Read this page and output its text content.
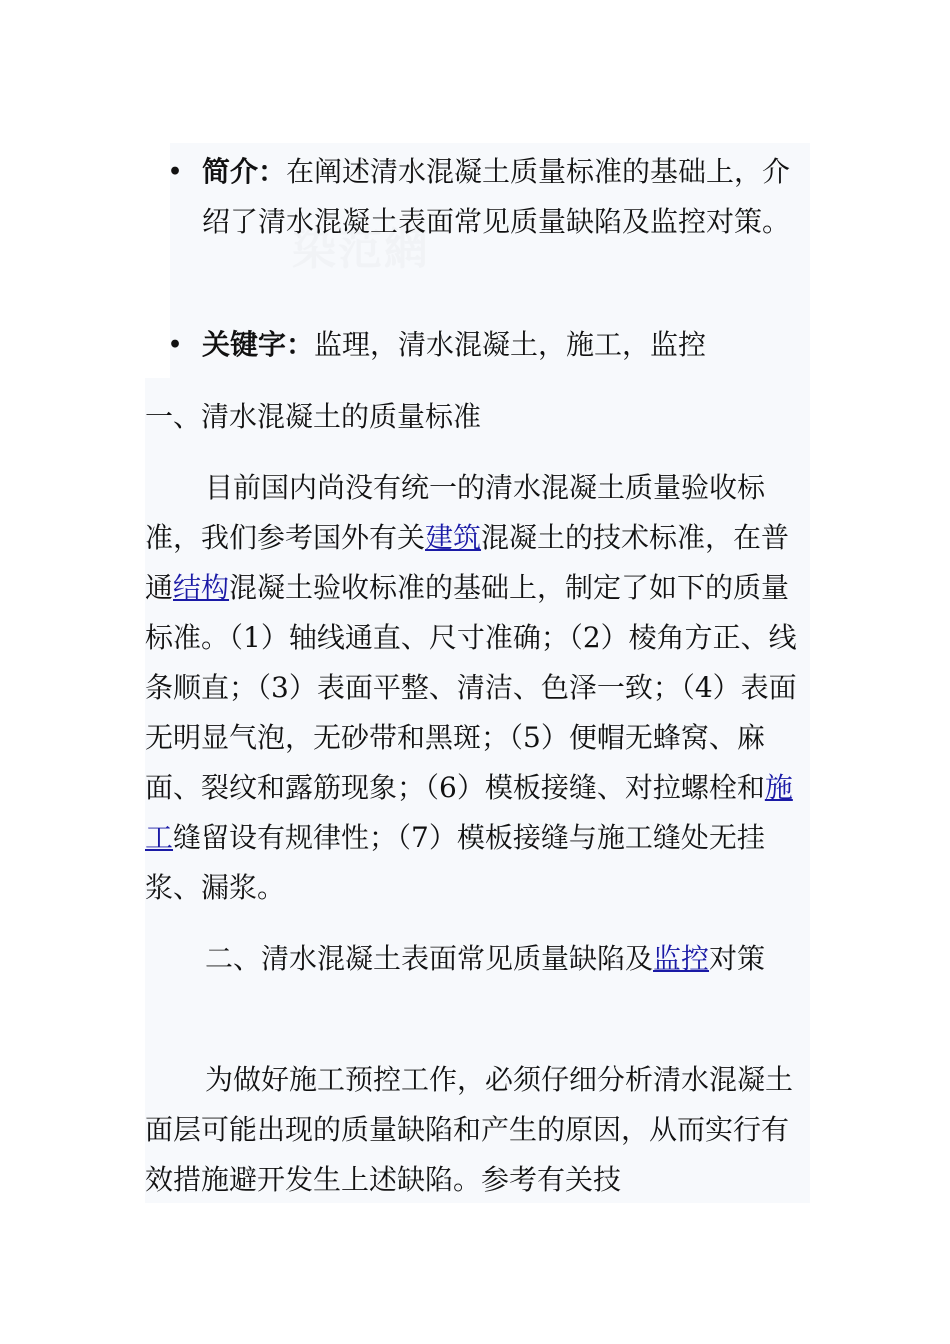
染范網
• 简介：在阐述清水混凝土质量标准的基础上，介绍了清水混凝土表面常见质量缺陷及监控对策。
• 关键字：监理，清水混凝土，施工，监控

一、清水混凝土的质量标准

目前国内尚没有统一的清水混凝土质量验收标准，我们参考国外有关建筑混凝土的技术标准，在普通结构混凝土验收标准的基础上，制定了如下的质量标准。（1）轴线通直、尺寸准确；（2）棱角方正、线条顺直；（3）表面平整、清洁、色泽一致；（4）表面无明显气泡，无砂带和黑斑；（5）便帽无蜂窝、麻面、裂纹和露筋现象；（6）模板接缝、对拉螺栓和施工缝留设有规律性；（7）模板接缝与施工缝处无挂浆、漏浆。

二、清水混凝土表面常见质量缺陷及监控对策

为做好施工预控工作，必须仔细分析清水混凝土面层可能出现的质量缺陷和产生的原因，从而实行有效措施避开发生上述缺陷。参考有关技
